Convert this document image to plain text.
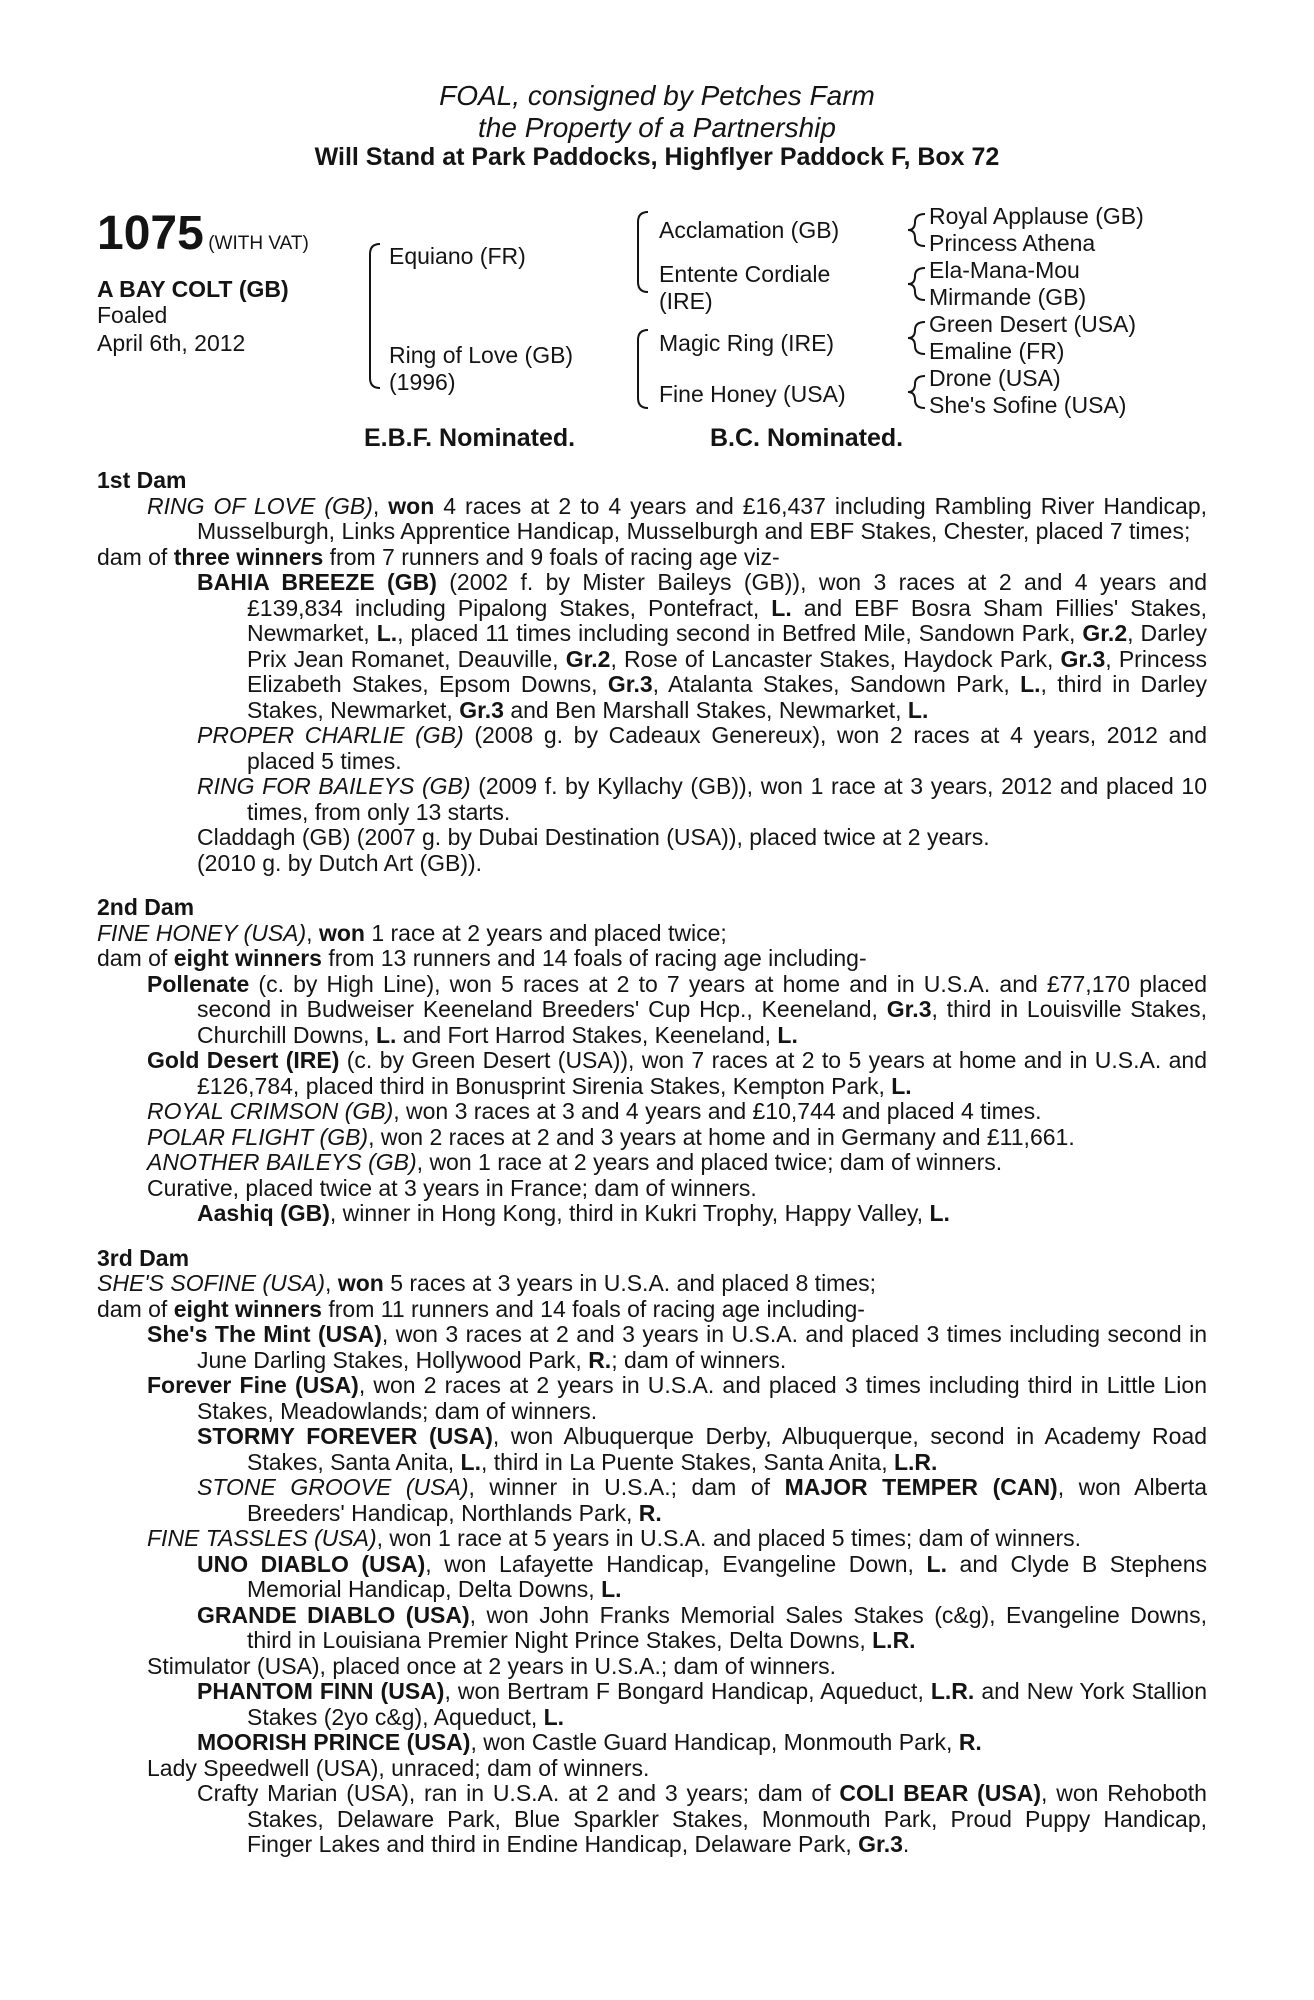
FOAL, consigned by Petches Farm
the Property of a Partnership
Will Stand at Park Paddocks, Highflyer Paddock F, Box 72
1075 (WITH VAT)
A BAY COLT (GB)
Foaled
April 6th, 2012
Equiano (FR)
Ring of Love (GB)
(1996)
Acclamation (GB)
Entente Cordiale
(IRE)
Magic Ring (IRE)
Fine Honey (USA)
Royal Applause (GB)
Princess Athena
Ela-Mana-Mou
Mirmande (GB)
Green Desert (USA)
Emaline (FR)
Drone (USA)
She's Sofine (USA)
E.B.F. Nominated.	B.C. Nominated.
1st Dam
RING OF LOVE (GB), won 4 races at 2 to 4 years and £16,437 including Rambling River Handicap, Musselburgh, Links Apprentice Handicap, Musselburgh and EBF Stakes, Chester, placed 7 times;
dam of three winners from 7 runners and 9 foals of racing age viz-
BAHIA BREEZE (GB) (2002 f. by Mister Baileys (GB)), won 3 races at 2 and 4 years and £139,834 including Pipalong Stakes, Pontefract, L. and EBF Bosra Sham Fillies' Stakes, Newmarket, L., placed 11 times including second in Betfred Mile, Sandown Park, Gr.2, Darley Prix Jean Romanet, Deauville, Gr.2, Rose of Lancaster Stakes, Haydock Park, Gr.3, Princess Elizabeth Stakes, Epsom Downs, Gr.3, Atalanta Stakes, Sandown Park, L., third in Darley Stakes, Newmarket, Gr.3 and Ben Marshall Stakes, Newmarket, L.
PROPER CHARLIE (GB) (2008 g. by Cadeaux Genereux), won 2 races at 4 years, 2012 and placed 5 times.
RING FOR BAILEYS (GB) (2009 f. by Kyllachy (GB)), won 1 race at 3 years, 2012 and placed 10 times, from only 13 starts.
Claddagh (GB) (2007 g. by Dubai Destination (USA)), placed twice at 2 years.
(2010 g. by Dutch Art (GB)).
2nd Dam
FINE HONEY (USA), won 1 race at 2 years and placed twice;
dam of eight winners from 13 runners and 14 foals of racing age including-
Pollenate (c. by High Line), won 5 races at 2 to 7 years at home and in U.S.A. and £77,170 placed second in Budweiser Keeneland Breeders' Cup Hcp., Keeneland, Gr.3, third in Louisville Stakes, Churchill Downs, L. and Fort Harrod Stakes, Keeneland, L.
Gold Desert (IRE) (c. by Green Desert (USA)), won 7 races at 2 to 5 years at home and in U.S.A. and £126,784, placed third in Bonusprint Sirenia Stakes, Kempton Park, L.
ROYAL CRIMSON (GB), won 3 races at 3 and 4 years and £10,744 and placed 4 times.
POLAR FLIGHT (GB), won 2 races at 2 and 3 years at home and in Germany and £11,661.
ANOTHER BAILEYS (GB), won 1 race at 2 years and placed twice; dam of winners.
Curative, placed twice at 3 years in France; dam of winners.
Aashiq (GB), winner in Hong Kong, third in Kukri Trophy, Happy Valley, L.
3rd Dam
SHE'S SOFINE (USA), won 5 races at 3 years in U.S.A. and placed 8 times;
dam of eight winners from 11 runners and 14 foals of racing age including-
She's The Mint (USA), won 3 races at 2 and 3 years in U.S.A. and placed 3 times including second in June Darling Stakes, Hollywood Park, R.; dam of winners.
Forever Fine (USA), won 2 races at 2 years in U.S.A. and placed 3 times including third in Little Lion Stakes, Meadowlands; dam of winners.
STORMY FOREVER (USA), won Albuquerque Derby, Albuquerque, second in Academy Road Stakes, Santa Anita, L., third in La Puente Stakes, Santa Anita, L.R.
STONE GROOVE (USA), winner in U.S.A.; dam of MAJOR TEMPER (CAN), won Alberta Breeders' Handicap, Northlands Park, R.
FINE TASSLES (USA), won 1 race at 5 years in U.S.A. and placed 5 times; dam of winners.
UNO DIABLO (USA), won Lafayette Handicap, Evangeline Down, L. and Clyde B Stephens Memorial Handicap, Delta Downs, L.
GRANDE DIABLO (USA), won John Franks Memorial Sales Stakes (c&g), Evangeline Downs, third in Louisiana Premier Night Prince Stakes, Delta Downs, L.R.
Stimulator (USA), placed once at 2 years in U.S.A.; dam of winners.
PHANTOM FINN (USA), won Bertram F Bongard Handicap, Aqueduct, L.R. and New York Stallion Stakes (2yo c&g), Aqueduct, L.
MOORISH PRINCE (USA), won Castle Guard Handicap, Monmouth Park, R.
Lady Speedwell (USA), unraced; dam of winners.
Crafty Marian (USA), ran in U.S.A. at 2 and 3 years; dam of COLI BEAR (USA), won Rehoboth Stakes, Delaware Park, Blue Sparkler Stakes, Monmouth Park, Proud Puppy Handicap, Finger Lakes and third in Endine Handicap, Delaware Park, Gr.3.
